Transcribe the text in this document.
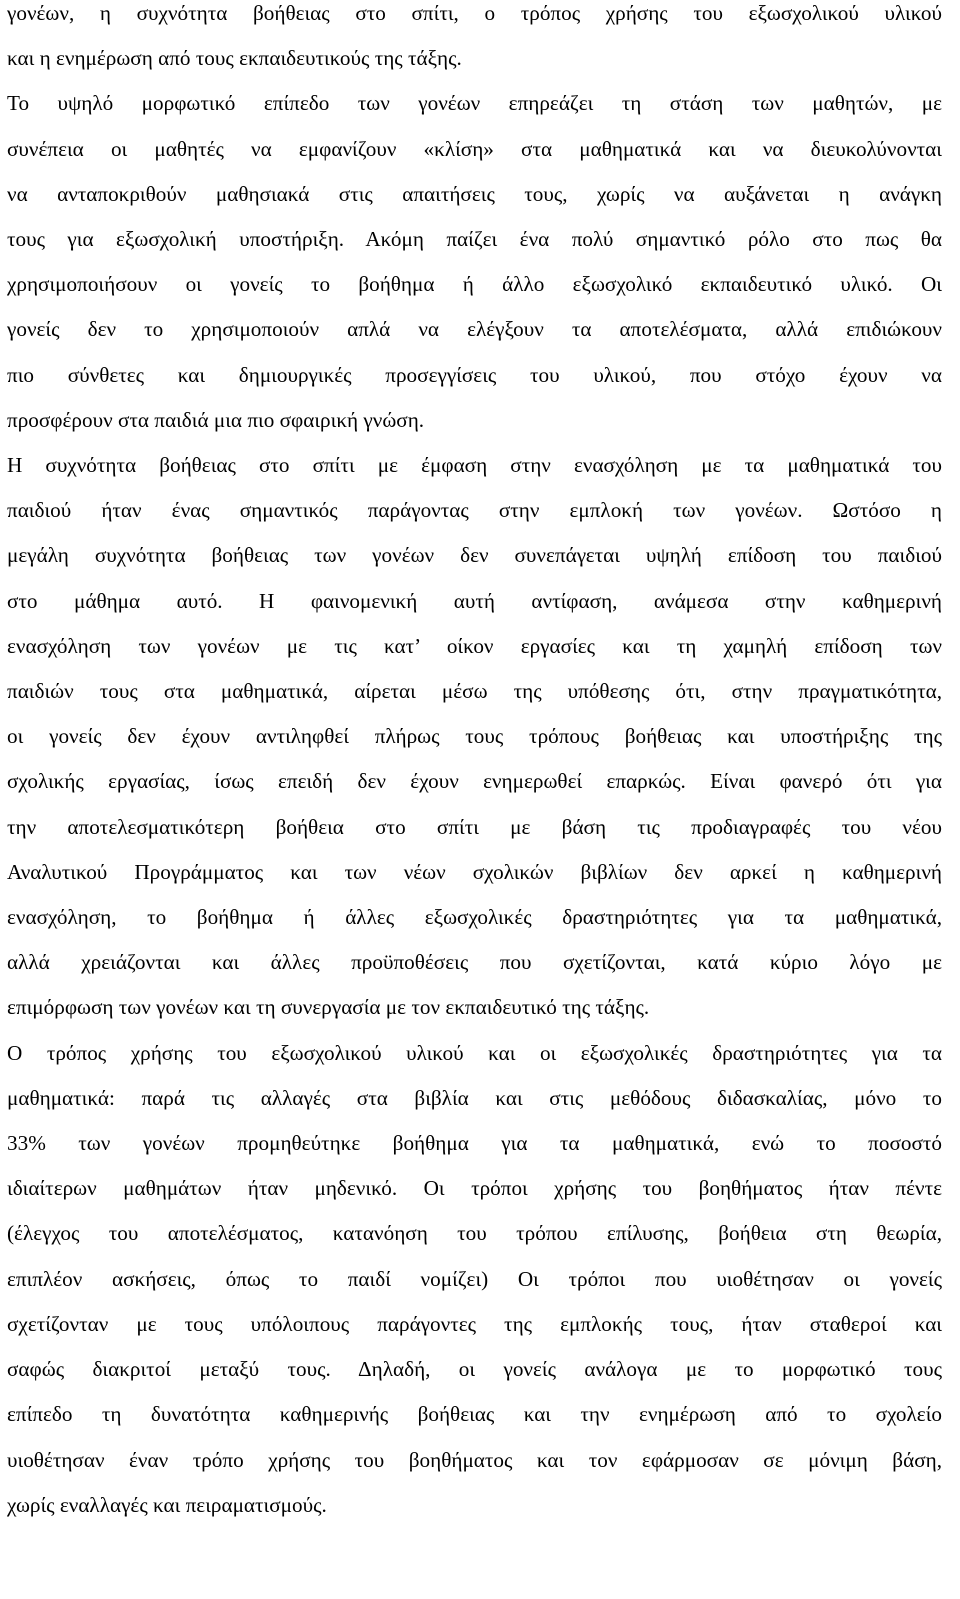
γονέων, η συχνότητα βοήθειας στο σπίτι, ο τρόπος χρήσης του εξωσχολικού υλικού
και η ενημέρωση από τους εκπαιδευτικούς της τάξης.
Το υψηλό μορφωτικό επίπεδο των γονέων επηρεάζει τη στάση των μαθητών, με
συνέπεια οι μαθητές να εμφανίζουν «κλίση» στα μαθηματικά και να διευκολύνονται
να ανταποκριθούν μαθησιακά στις απαιτήσεις τους, χωρίς να αυξάνεται η ανάγκη
τους για εξωσχολική υποστήριξη. Ακόμη παίζει ένα πολύ σημαντικό ρόλο στο πως θα
χρησιμοποιήσουν οι γονείς το βοήθημα ή άλλο εξωσχολικό εκπαιδευτικό υλικό. Οι
γονείς δεν το χρησιμοποιούν απλά να ελέγξουν τα αποτελέσματα, αλλά επιδιώκουν
πιο σύνθετες και δημιουργικές προσεγγίσεις του υλικού, που στόχο έχουν να
προσφέρουν στα παιδιά μια πιο σφαιρική γνώση.
Η συχνότητα βοήθειας στο σπίτι με έμφαση στην ενασχόληση με τα μαθηματικά του
παιδιού ήταν ένας σημαντικός παράγοντας στην εμπλοκή των γονέων. Ωστόσο η
μεγάλη συχνότητα βοήθειας των γονέων δεν συνεπάγεται υψηλή επίδοση του παιδιού
στο μάθημα αυτό. Η φαινομενική αυτή αντίφαση, ανάμεσα στην καθημερινή
ενασχόληση των γονέων με τις κατ’ οίκον εργασίες και τη χαμηλή επίδοση των
παιδιών τους στα μαθηματικά, αίρεται μέσω της υπόθεσης ότι, στην πραγματικότητα,
οι γονείς δεν έχουν αντιληφθεί πλήρως τους τρόπους βοήθειας και υποστήριξης της
σχολικής εργασίας, ίσως επειδή δεν έχουν ενημερωθεί επαρκώς. Είναι φανερό ότι για
την αποτελεσματικότερη βοήθεια στο σπίτι με βάση τις προδιαγραφές του νέου
Αναλυτικού Προγράμματος και των νέων σχολικών βιβλίων δεν αρκεί η καθημερινή
ενασχόληση, το βοήθημα ή άλλες εξωσχολικές δραστηριότητες για τα μαθηματικά,
αλλά χρειάζονται και άλλες προϋποθέσεις που σχετίζονται, κατά κύριο λόγο με
επιμόρφωση των γονέων και τη συνεργασία με τον εκπαιδευτικό της τάξης.
Ο τρόπος χρήσης του εξωσχολικού υλικού και οι εξωσχολικές δραστηριότητες για τα
μαθηματικά: παρά τις αλλαγές στα βιβλία και στις μεθόδους διδασκαλίας, μόνο το
33% των γονέων προμηθεύτηκε βοήθημα για τα μαθηματικά, ενώ το ποσοστό
ιδιαίτερων μαθημάτων ήταν μηδενικό. Οι τρόποι χρήσης του βοηθήματος ήταν πέντε
(έλεγχος του αποτελέσματος, κατανόηση του τρόπου επίλυσης, βοήθεια στη θεωρία,
επιπλέον ασκήσεις, όπως το παιδί νομίζει) Οι τρόποι που υιοθέτησαν οι γονείς
σχετίζονταν με τους υπόλοιπους παράγοντες της εμπλοκής τους, ήταν σταθεροί και
σαφώς διακριτοί μεταξύ τους. Δηλαδή, οι γονείς ανάλογα με το μορφωτικό τους
επίπεδο τη δυνατότητα καθημερινής βοήθειας και την ενημέρωση από το σχολείο
υιοθέτησαν έναν τρόπο χρήσης του βοηθήματος και τον εφάρμοσαν σε μόνιμη βάση,
χωρίς εναλλαγές και πειραματισμούς.
